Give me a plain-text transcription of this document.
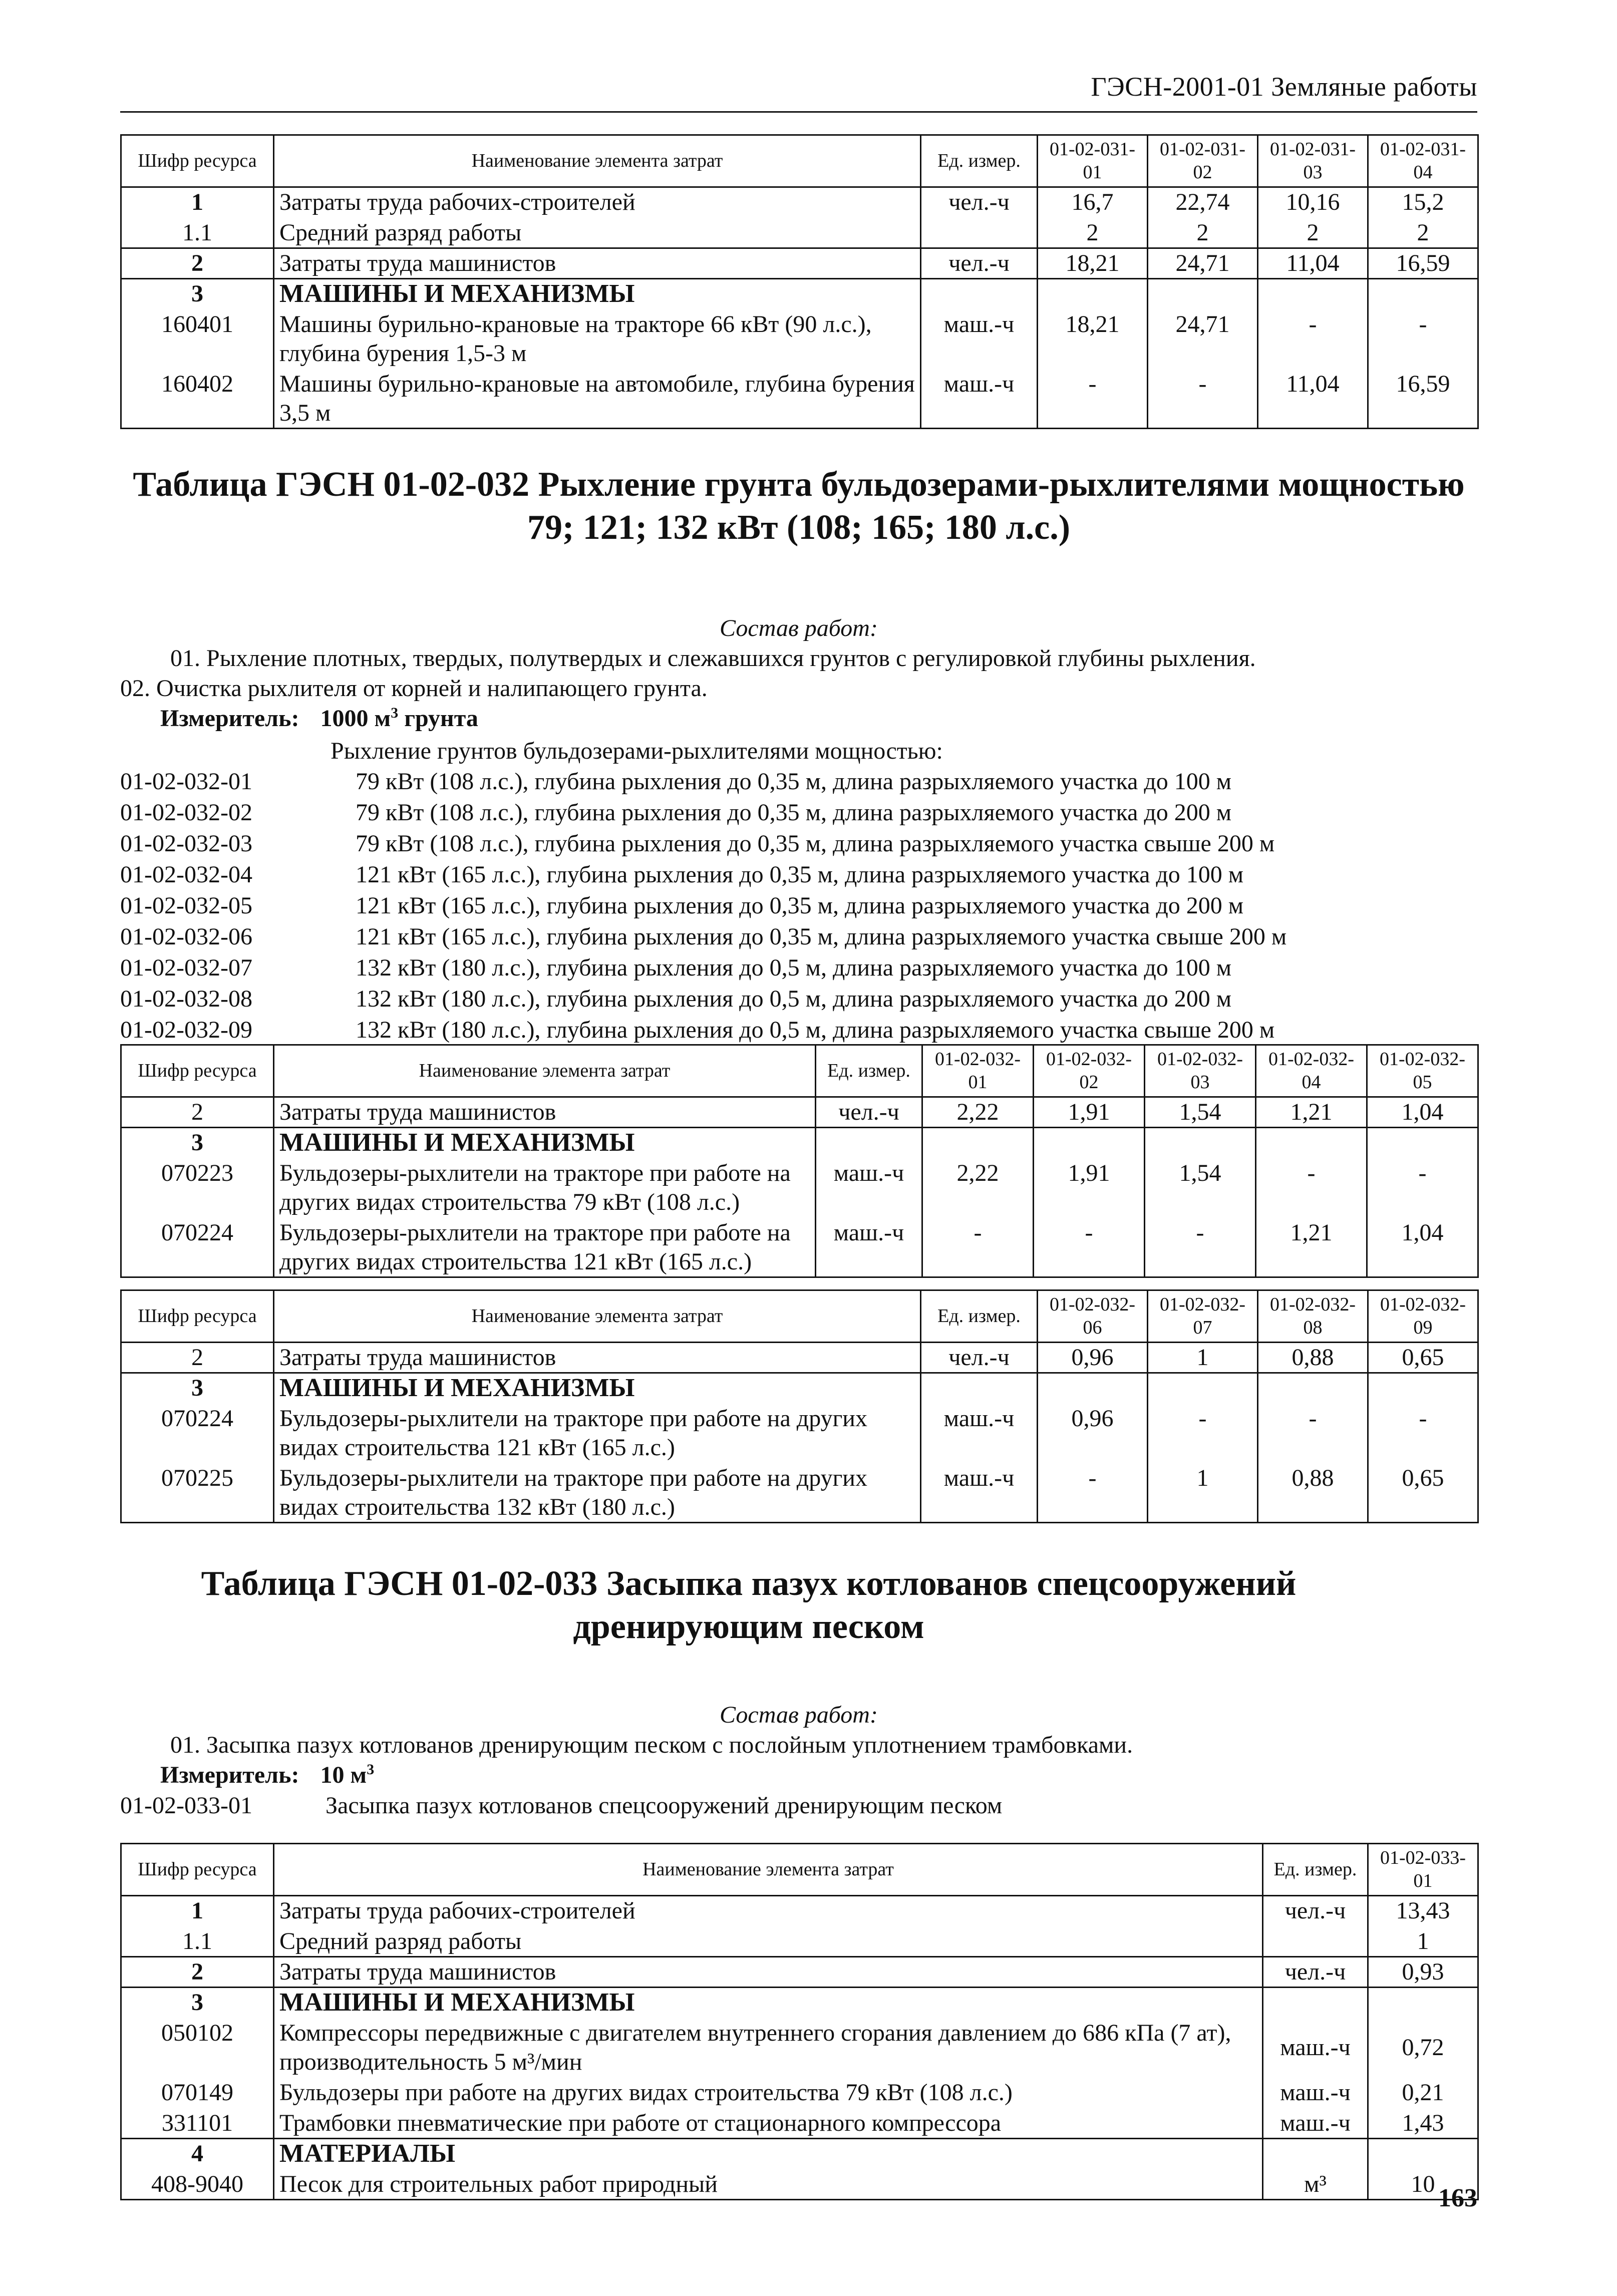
ГЭСН-2001-01 Земляные работы
Шифр ресурса	Наименование элемента затрат	Ед. измер.	01-02-031-01	01-02-031-02	01-02-031-03	01-02-031-04
1	Затраты труда рабочих-строителей	чел.-ч	16,7	22,74	10,16	15,2
1.1	Средний разряд работы		2	2	2	2
2	Затраты труда машинистов	чел.-ч	18,21	24,71	11,04	16,59
3	МАШИНЫ И МЕХАНИЗМЫ					
160401	Машины бурильно-крановые на тракторе 66 кВт (90 л.с.), глубина бурения 1,5-3 м	маш.-ч	18,21	24,71	-	-
160402	Машины бурильно-крановые на автомобиле, глубина бурения 3,5 м	маш.-ч	-	-	11,04	16,59
Таблица ГЭСН 01-02-032 Рыхление грунта бульдозерами-рыхлителями мощностью 79; 121; 132 кВт (108; 165; 180 л.с.)
Состав работ:
01. Рыхление плотных, твердых, полутвердых и слежавшихся грунтов с регулировкой глубины рыхления.
02. Очистка рыхлителя от корней и налипающего грунта.
Измеритель: 1000 $м^3$ грунта
Рыхление грунтов бульдозерами-рыхлителями мощностью:
01-02-032-01	79 кВт (108 л.с.), глубина рыхления до 0,35 м, длина разрыхляемого участка до 100 м
01-02-032-02	79 кВт (108 л.с.), глубина рыхления до 0,35 м, длина разрыхляемого участка до 200 м
01-02-032-03	79 кВт (108 л.с.), глубина рыхления до 0,35 м, длина разрыхляемого участка свыше 200 м
01-02-032-04	121 кВт (165 л.с.), глубина рыхления до 0,35 м, длина разрыхляемого участка до 100 м
01-02-032-05	121 кВт (165 л.с.), глубина рыхления до 0,35 м, длина разрыхляемого участка до 200 м
01-02-032-06	121 кВт (165 л.с.), глубина рыхления до 0,35 м, длина разрыхляемого участка свыше 200 м
01-02-032-07	132 кВт (180 л.с.), глубина рыхления до 0,5 м, длина разрыхляемого участка до 100 м
01-02-032-08	132 кВт (180 л.с.), глубина рыхления до 0,5 м, длина разрыхляемого участка до 200 м
01-02-032-09	132 кВт (180 л.с.), глубина рыхления до 0,5 м, длина разрыхляемого участка свыше 200 м
Шифр ресурса	Наименование элемента затрат	Ед. измер.	01-02-032-01	01-02-032-02	01-02-032-03	01-02-032-04	01-02-032-05
2	Затраты труда машинистов	чел.-ч	2,22	1,91	1,54	1,21	1,04
3	МАШИНЫ И МЕХАНИЗМЫ						
070223	Бульдозеры-рыхлители на тракторе при работе на других видах строительства 79 кВт (108 л.с.)	маш.-ч	2,22	1,91	1,54	-	-
070224	Бульдозеры-рыхлители на тракторе при работе на других видах строительства 121 кВт (165 л.с.)	маш.-ч	-	-	-	1,21	1,04
Шифр ресурса	Наименование элемента затрат	Ед. измер.	01-02-032-06	01-02-032-07	01-02-032-08	01-02-032-09
2	Затраты труда машинистов	чел.-ч	0,96	1	0,88	0,65
3	МАШИНЫ И МЕХАНИЗМЫ					
070224	Бульдозеры-рыхлители на тракторе при работе на других видах строительства 121 кВт (165 л.с.)	маш.-ч	0,96	-	-	-
070225	Бульдозеры-рыхлители на тракторе при работе на других видах строительства 132 кВт (180 л.с.)	маш.-ч	-	1	0,88	0,65
Таблица ГЭСН 01-02-033 Засыпка пазух котлованов спецсооружений дренирующим песком
Состав работ:
01. Засыпка пазух котлованов дренирующим песком с послойным уплотнением трамбовками.
Измеритель: 10 $м^3$
01-02-033-01	Засыпка пазух котлованов спецсооружений дренирующим песком
Шифр ресурса	Наименование элемента затрат	Ед. измер.	01-02-033-01
1	Затраты труда рабочих-строителей	чел.-ч	13,43
1.1	Средний разряд работы		1
2	Затраты труда машинистов	чел.-ч	0,93
3	МАШИНЫ И МЕХАНИЗМЫ		
050102	Компрессоры передвижные с двигателем внутреннего сгорания давлением до 686 кПа (7 ат), производительность 5 м³/мин	маш.-ч	0,72
070149	Бульдозеры при работе на других видах строительства 79 кВт (108 л.с.)	маш.-ч	0,21
331101	Трамбовки пневматические при работе от стационарного компрессора	маш.-ч	1,43
4	МАТЕРИАЛЫ		
408-9040	Песок для строительных работ природный	м³	10 163
